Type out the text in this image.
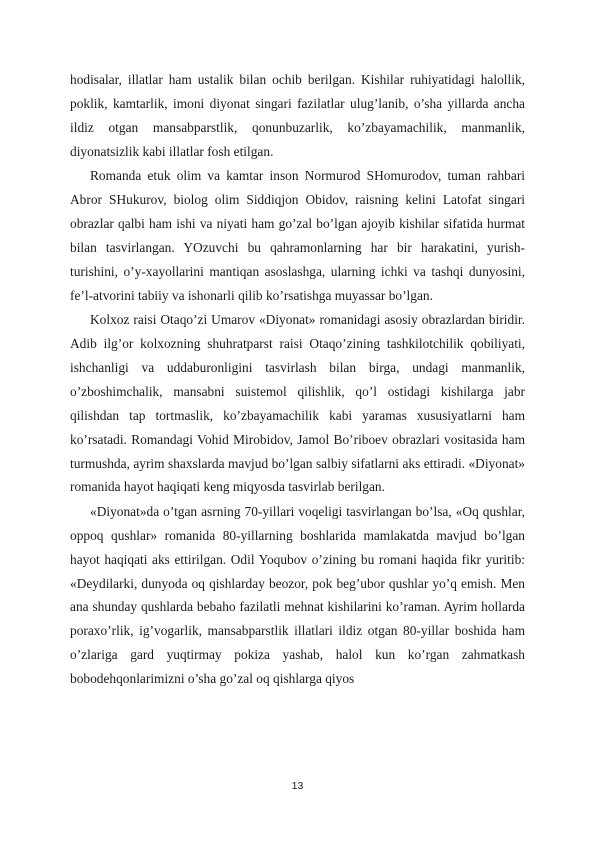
hodisalar, illatlar ham ustalik bilan ochib berilgan. Kishilar ruhiyatidagi halollik, poklik, kamtarlik, imoni diyonat singari fazilatlar ulug’lanib, o’sha yillarda ancha ildiz otgan mansabparstlik, qonunbuzarlik, ko’zbayamachilik, manmanlik, diyonatsizlik kabi illatlar fosh etilgan.

Romanda etuk olim va kamtar inson Normurod SHomurodov, tuman rahbari Abror SHukurov, biolog olim Siddiqjon Obidov, raisning kelini Latofat singari obrazlar qalbi ham ishi va niyati ham go’zal bo’lgan ajoyib kishilar sifatida hurmat bilan tasvirlangan. YOzuvchi bu qahramonlarning har bir harakatini, yurish-turishini, o’y-xayollarini mantiqan asoslashga, ularning ichki va tashqi dunyosini, fe’l-atvorini tabiiy va ishonarli qilib ko’rsatishga muyassar bo’lgan.

Kolxoz raisi Otaqo’zi Umarov «Diyonat» romanidagi asosiy obrazlardan biridir. Adib ilg’or kolxozning shuhratparst raisi Otaqo’zining tashkilotchilik qobiliyati, ishchanligi va uddaburonligini tasvirlash bilan birga, undagi manmanlik, o’zboshimchalik, mansabni suistemol qilishlik, qo’l ostidagi kishilarga jabr qilishdan tap tortmaslik, ko’zbayamachilik kabi yaramas xususiyatlarni ham ko’rsatadi. Romandagi Vohid Mirobidov, Jamol Bo’riboev obrazlari vositasida ham turmushda, ayrim shaxslarda mavjud bo’lgan salbiy sifatlarni aks ettiradi. «Diyonat» romanida hayot haqiqati keng miqyosda tasvirlab berilgan.

«Diyonat»da o’tgan asrning 70-yillari voqeligi tasvirlangan bo’lsa, «Oq qushlar, oppoq qushlar» romanida 80-yillarning boshlarida mamlakatda mavjud bo’lgan hayot haqiqati aks ettirilgan. Odil Yoqubov o’zining bu romani haqida fikr yuritib: «Deydilarki, dunyoda oq qishlarday beozor, pok beg’ubor qushlar yo’q emish. Men ana shunday qushlarda bebaho fazilatli mehnat kishilarini ko’raman. Ayrim hollarda poraxo’rlik, ig’vogarlik, mansabparstlik illatlari ildiz otgan 80-yillar boshida ham o’zlariga gard yuqtirmay pokiza yashab, halol kun ko’rgan zahmatkash bobodehqonlarimizni o’sha go’zal oq qishlarga qiyos

13
